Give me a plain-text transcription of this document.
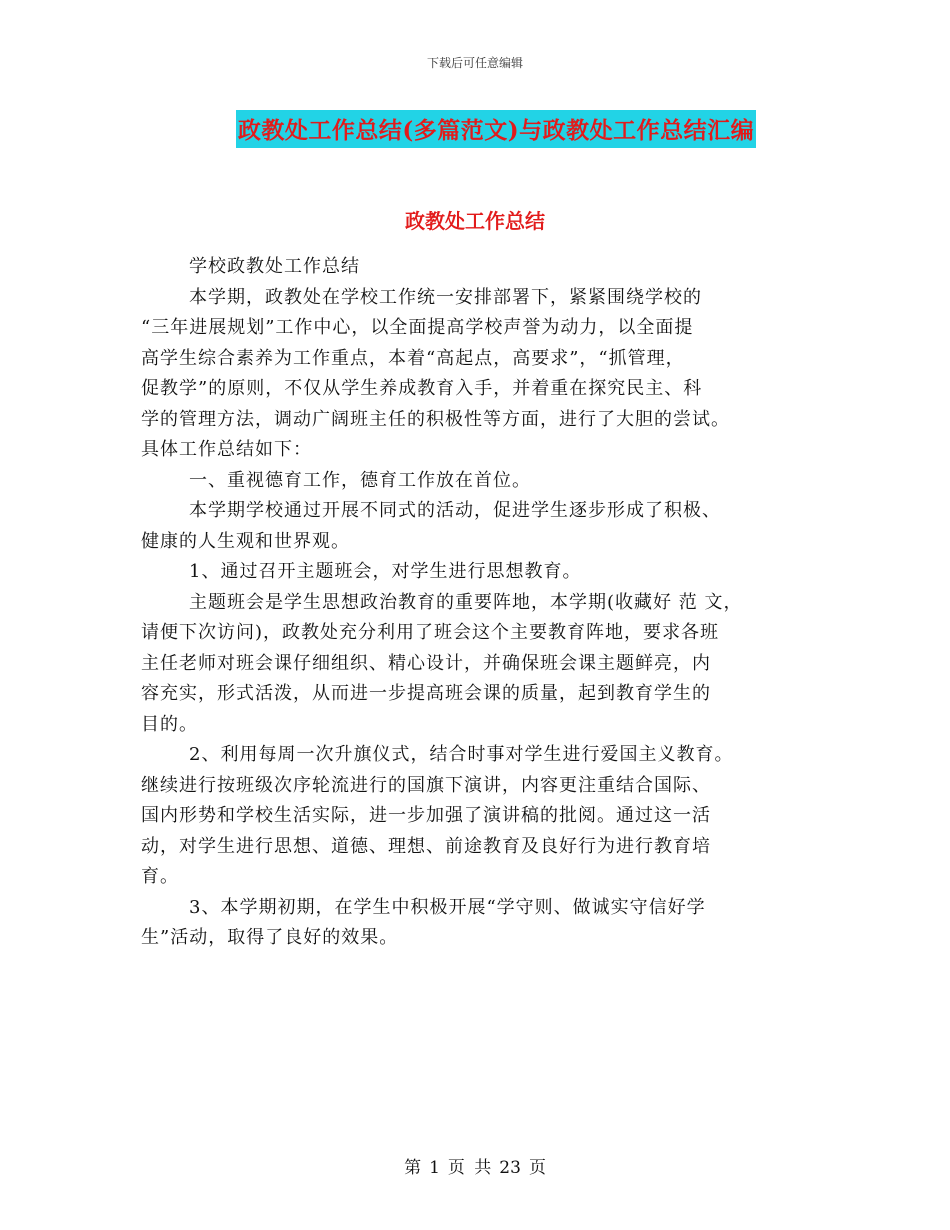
下载后可任意编辑
政教处工作总结(多篇范文)与政教处工作总结汇编
政教处工作总结

学校政教处工作总结

本学期，政教处在学校工作统一安排部署下，紧紧围绕学校的
“三年进展规划”工作中心，以全面提高学校声誉为动力，以全面提
高学生综合素养为工作重点，本着“高起点，高要求”，“抓管理，
促教学”的原则，不仅从学生养成教育入手，并着重在探究民主、科
学的管理方法，调动广阔班主任的积极性等方面，进行了大胆的尝试。
具体工作总结如下：

一、重视德育工作，德育工作放在首位。

本学期学校通过开展不同式的活动，促进学生逐步形成了积极、
健康的人生观和世界观。

1、通过召开主题班会，对学生进行思想教育。

主题班会是学生思想政治教育的重要阵地，本学期(收藏好 范 文，
请便下次访问)，政教处充分利用了班会这个主要教育阵地，要求各班
主任老师对班会课仔细组织、精心设计，并确保班会课主题鲜亮，内
容充实，形式活泼，从而进一步提高班会课的质量，起到教育学生的
目的。

2、利用每周一次升旗仪式，结合时事对学生进行爱国主义教育。
继续进行按班级次序轮流进行的国旗下演讲，内容更注重结合国际、
国内形势和学校生活实际，进一步加强了演讲稿的批阅。通过这一活
动，对学生进行思想、道德、理想、前途教育及良好行为进行教育培
育。

3、本学期初期，在学生中积极开展“学守则、做诚实守信好学
生”活动，取得了良好的效果。

第 1 页 共 23 页
